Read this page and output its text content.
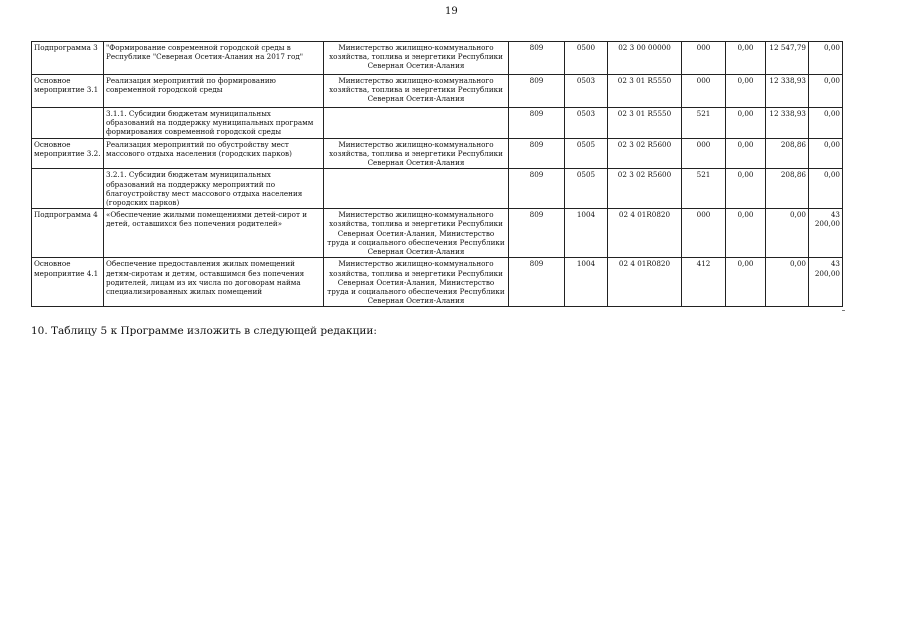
19
Подпрограмма 3	"Формирование современной городской среды в Республике "Северная Осетия-Алания на 2017 год"	Министерство жилищно-коммунального хозяйства, топлива и энергетики Республики Северная Осетия-Алания	809	0500	02 3 00 00000	000	0,00	12 547,79	0,00
Основное мероприятие 3.1	Реализация мероприятий по формированию современной городской среды	Министерство жилищно-коммунального хозяйства, топлива и энергетики Республики Северная Осетия-Алания	809	0503	02 3 01 R5550	000	0,00	12 338,93	0,00
	3.1.1. Субсидии бюджетам муниципальных образований на поддержку муниципальных программ формирования современной городской среды		809	0503	02 3 01 R5550	521	0,00	12 338,93	0,00
Основное мероприятие 3.2.	Реализация мероприятий по обустройству мест массового отдыха населения (городских парков)	Министерство жилищно-коммунального хозяйства, топлива и энергетики Республики Северная Осетия-Алания	809	0505	02 3 02 R5600	000	0,00	208,86	0,00
	3.2.1. Субсидии бюджетам муниципальных образований на поддержку мероприятий по благоустройству мест массового отдыха населения (городских парков)		809	0505	02 3 02 R5600	521	0,00	208,86	0,00
Подпрограмма 4	«Обеспечение жилыми помещениями детей-сирот и детей, оставшихся без попечения родителей»	Министерство жилищно-коммунального хозяйства, топлива и энергетики Республики Северная Осетия-Алания, Министерство труда и социального обеспечения Республики Северная Осетия-Алания	809	1004	02 4 01R0820	000	0,00	0,00	43 200,00
Основное мероприятие 4.1	Обеспечение предоставления жилых помещений детям-сиротам и детям, оставшимся без попечения родителей, лицам из их числа по договорам найма специализированных жилых помещений	Министерство жилищно-коммунального хозяйства, топлива и энергетики Республики Северная Осетия-Алания, Министерство труда и социального обеспечения Республики Северная Осетия-Алания	809	1004	02 4 01R0820	412	0,00	0,00	43 200,00
10. Таблицу 5 к Программе изложить в следующей редакции:
